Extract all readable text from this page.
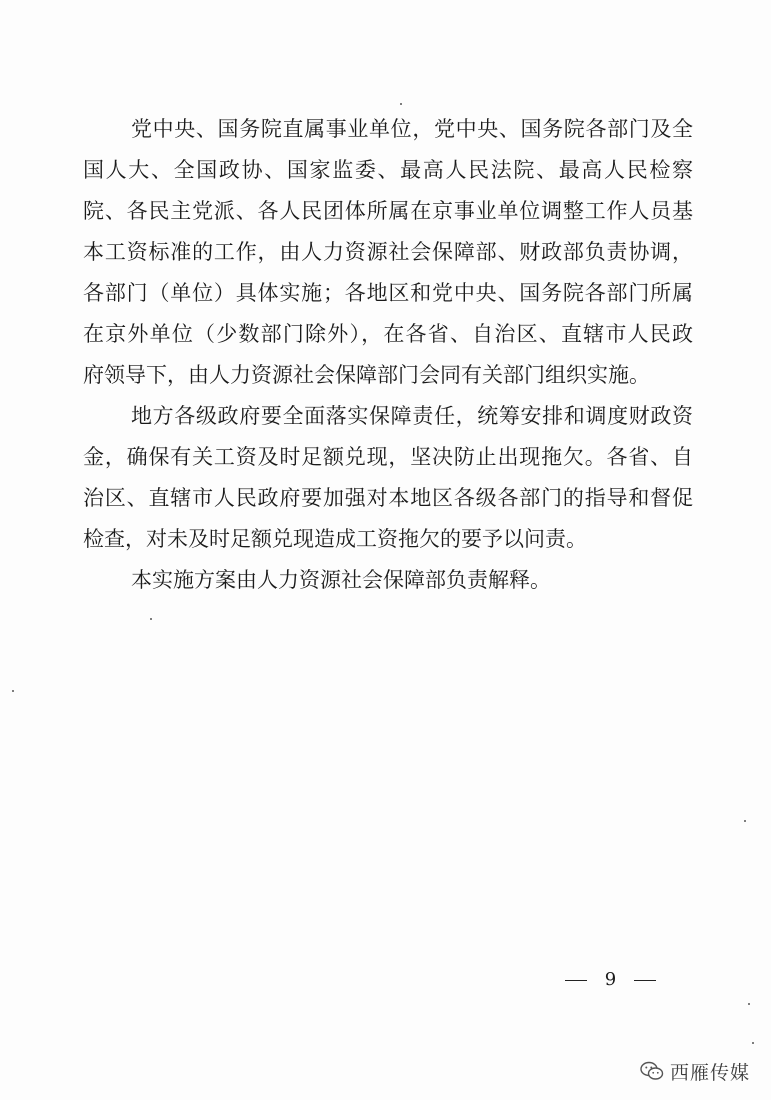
党中央、国务院直属事业单位，党中央、国务院各部门及全
国人大、全国政协、国家监委、最高人民法院、最高人民检察
院、各民主党派、各人民团体所属在京事业单位调整工作人员基
本工资标准的工作，由人力资源社会保障部、财政部负责协调，
各部门（单位）具体实施；各地区和党中央、国务院各部门所属
在京外单位（少数部门除外），在各省、自治区、直辖市人民政
府领导下，由人力资源社会保障部门会同有关部门组织实施。
地方各级政府要全面落实保障责任，统筹安排和调度财政资
金，确保有关工资及时足额兑现，坚决防止出现拖欠。各省、自
治区、直辖市人民政府要加强对本地区各级各部门的指导和督促
检查，对未及时足额兑现造成工资拖欠的要予以问责。
本实施方案由人力资源社会保障部负责解释。
9
西雁传媒
